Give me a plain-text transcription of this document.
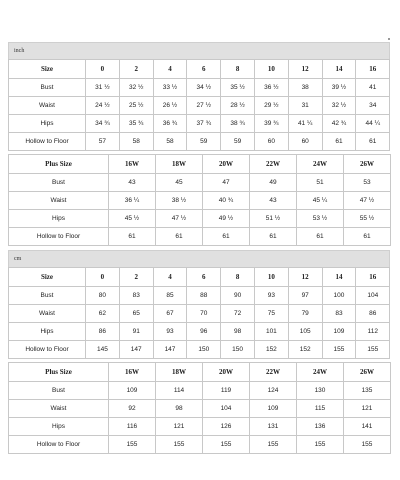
inch
Size	0	2	4	6	8	10	12	14	16
Bust	31 ½	32 ½	33 ½	34 ½	35 ½	36 ½	38	39 ½	41
Waist	24 ½	25 ½	26 ½	27 ½	28 ½	29 ½	31	32 ½	34
Hips	34 ¾	35 ¾	36 ¾	37 ¾	38 ¾	39 ¾	41 ¼	42 ¾	44 ¼
Hollow to Floor	57	58	58	59	59	60	60	61	61
Plus Size	16W	18W	20W	22W	24W	26W
Bust	43	45	47	49	51	53
Waist	36 ¼	38 ½	40 ¾	43	45 ¼	47 ½
Hips	45 ½	47 ½	49 ½	51 ½	53 ½	55 ½
Hollow to Floor	61	61	61	61	61	61
cm
Size	0	2	4	6	8	10	12	14	16
Bust	80	83	85	88	90	93	97	100	104
Waist	62	65	67	70	72	75	79	83	86
Hips	86	91	93	96	98	101	105	109	112
Hollow to Floor	145	147	147	150	150	152	152	155	155
Plus Size	16W	18W	20W	22W	24W	26W
Bust	109	114	119	124	130	135
Waist	92	98	104	109	115	121
Hips	116	121	126	131	136	141
Hollow to Floor	155	155	155	155	155	155
